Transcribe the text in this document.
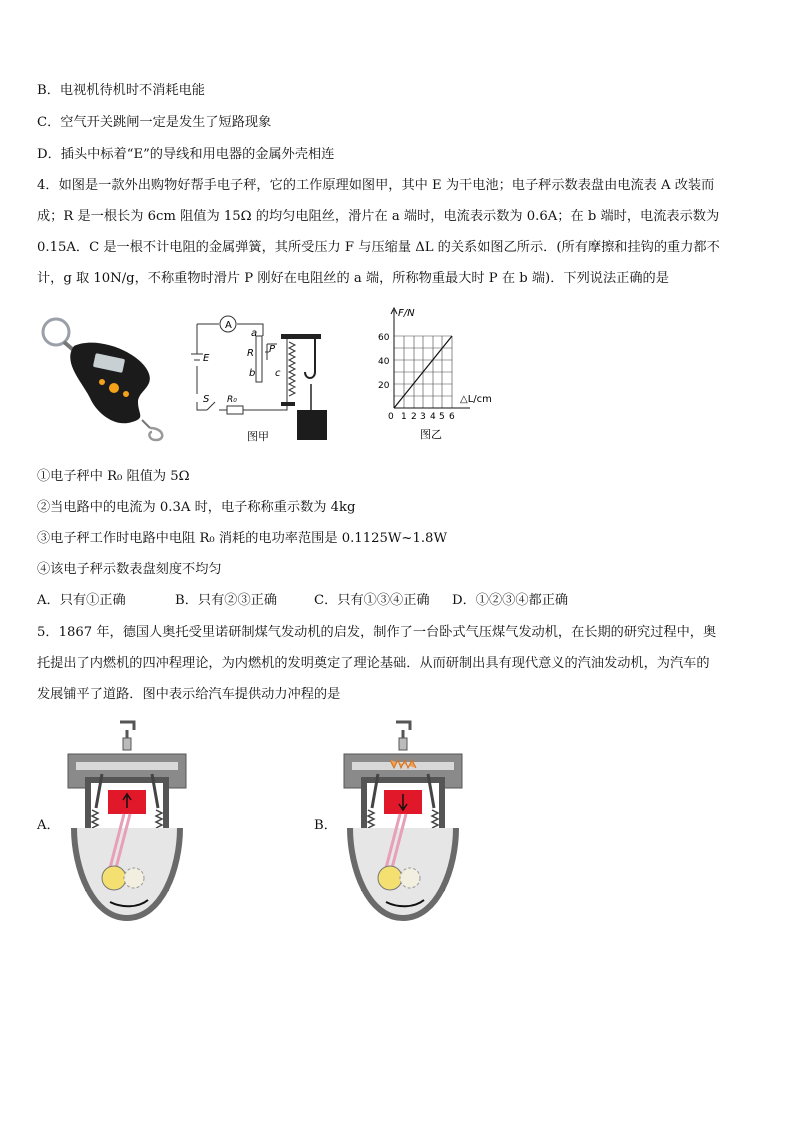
B．电视机待机时不消耗电能
C．空气开关跳闸一定是发生了短路现象
D．插头中标着“E”的导线和用电器的金属外壳相连
4．如图是一款外出购物好帮手电子秤，它的工作原理如图甲，其中 E 为干电池；电子秤示数表盘由电流表 A 改装而
成；R 是一根长为 6cm 阻值为 15Ω 的均匀电阻丝，滑片在 a 端时，电流表示数为 0.6A；在 b 端时，电流表示数为
0.15A．C 是一根不计电阻的金属弹簧，其所受压力 F 与压缩量 ΔL 的关系如图乙所示．(所有摩擦和挂钩的重力都不
计，g 取 10N/g，不称重物时滑片 P 刚好在电阻丝的 a 端，所称物重最大时 P 在 b 端)．下列说法正确的是
A
a
R P
b
E
c
S R₀
图甲
F/N
△L/cm
60
40
20
0 1 2 3 4 5 6
图乙
①电子秤中 R₀ 阻值为 5Ω
②当电路中的电流为 0.3A 时，电子称称重示数为 4kg
③电子秤工作时电路中电阻 R₀ 消耗的电功率范围是 0.1125W~1.8W
④该电子秤示数表盘刻度不均匀
A．只有①正确	B．只有②③正确	C．只有①③④正确 D．①②③④都正确
5．1867 年，德国人奥托受里诺研制煤气发动机的启发，制作了一台卧式气压煤气发动机，在长期的研究过程中，奥
托提出了内燃机的四冲程理论，为内燃机的发明奠定了理论基础．从而研制出具有现代意义的汽油发动机，为汽车的
发展铺平了道路．图中表示给汽车提供动力冲程的是
A．	B．
